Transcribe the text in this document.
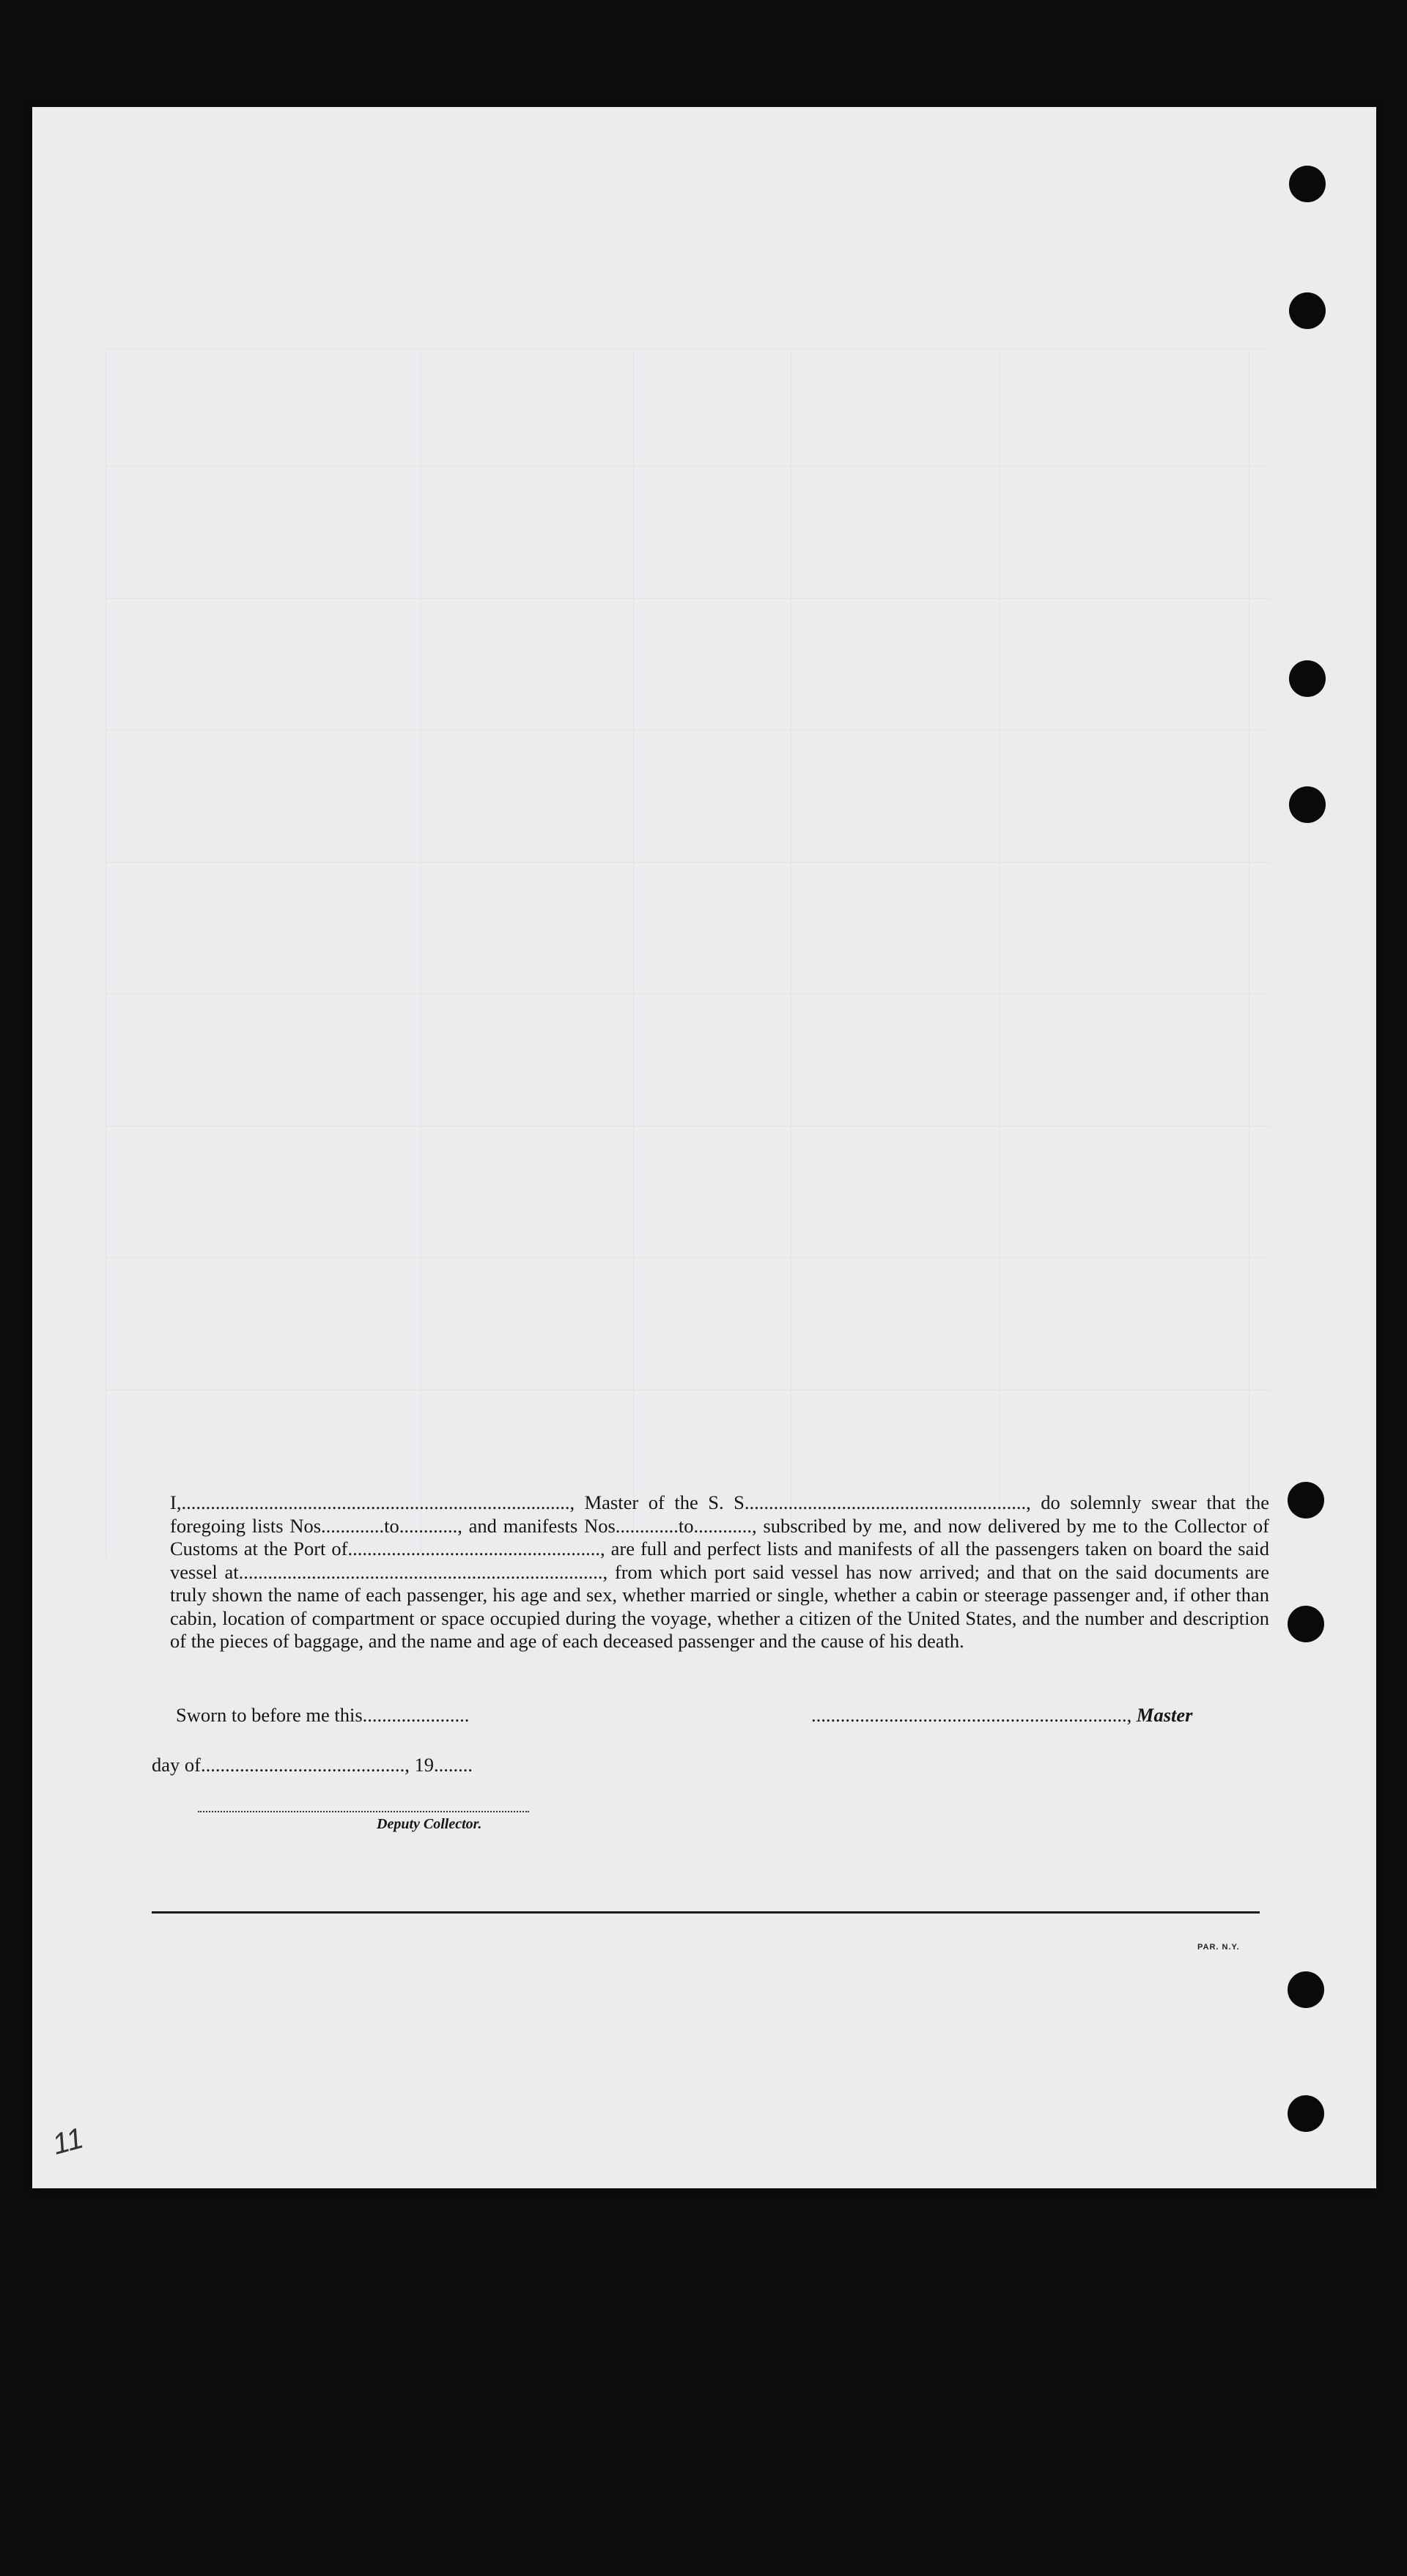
I,................................................................................, Master of the S. S.........................................................., do solemnly swear that the foregoing lists Nos.............to............, and manifests Nos.............to............, subscribed by me, and now delivered by me to the Collector of Customs at the Port of...................................................., are full and perfect lists and manifests of all the passengers taken on board the said vessel at..........................................................................., from which port said vessel has now arrived; and that on the said documents are truly shown the name of each passenger, his age and sex, whether married or single, whether a cabin or steerage passenger and, if other than cabin, location of compartment or space occupied during the voyage, whether a citizen of the United States, and the number and description of the pieces of baggage, and the name and age of each deceased passenger and the cause of his death.

Sworn to before me this......................	................................................................., Master
day of.........................................., 19........
Deputy Collector.
PAR. N.Y.
11
